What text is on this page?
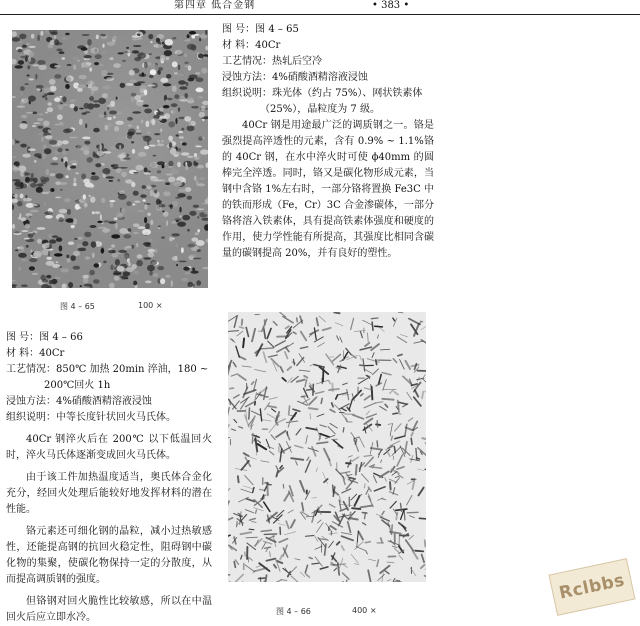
第四章 低合金钢	• 383 •
图 4 – 65	100 ×

图 号：图 4 – 65

材 料：40Cr

工艺情况：热轧后空冷

浸蚀方法：4%硝酸酒精溶液浸蚀

组织说明：珠光体（约占 75%）、网状铁素体（25%），晶粒度为 7 级。

40Cr 钢是用途最广泛的调质钢之一。铬是强烈提高淬透性的元素，含有 0.9% ~ 1.1%铬的 40Cr 钢，在水中淬火时可使 ϕ40mm 的圆棒完全淬透。同时，铬又是碳化物形成元素，当钢中含铬 1%左右时，一部分铬将置换 Fe3C 中的铁而形成（Fe，Cr）3C 合金渗碳体，一部分铬将溶入铁素体，具有提高铁素体强度和硬度的作用，使力学性能有所提高，其强度比相同含碳量的碳钢提高 20%，并有良好的塑性。

图 号：图 4 – 66

材 料：40Cr

工艺情况：850℃ 加热 20min 淬油，180 ~ 200℃回火 1h

浸蚀方法：4%硝酸酒精溶液浸蚀

组织说明：中等长度针状回火马氏体。

40Cr 钢淬火后在 200℃ 以下低温回火时，淬火马氏体逐渐变成回火马氏体。

由于该工件加热温度适当，奥氏体合金化充分，经回火处理后能较好地发挥材料的潜在性能。

铬元素还可细化钢的晶粒，减小过热敏感性，还能提高钢的抗回火稳定性，阻碍钢中碳化物的集聚，使碳化物保持一定的分散度，从而提高调质钢的强度。

但铬钢对回火脆性比较敏感，所以在中温回火后应立即水冷。

图 4 – 66	400 ×
Rclbbs
